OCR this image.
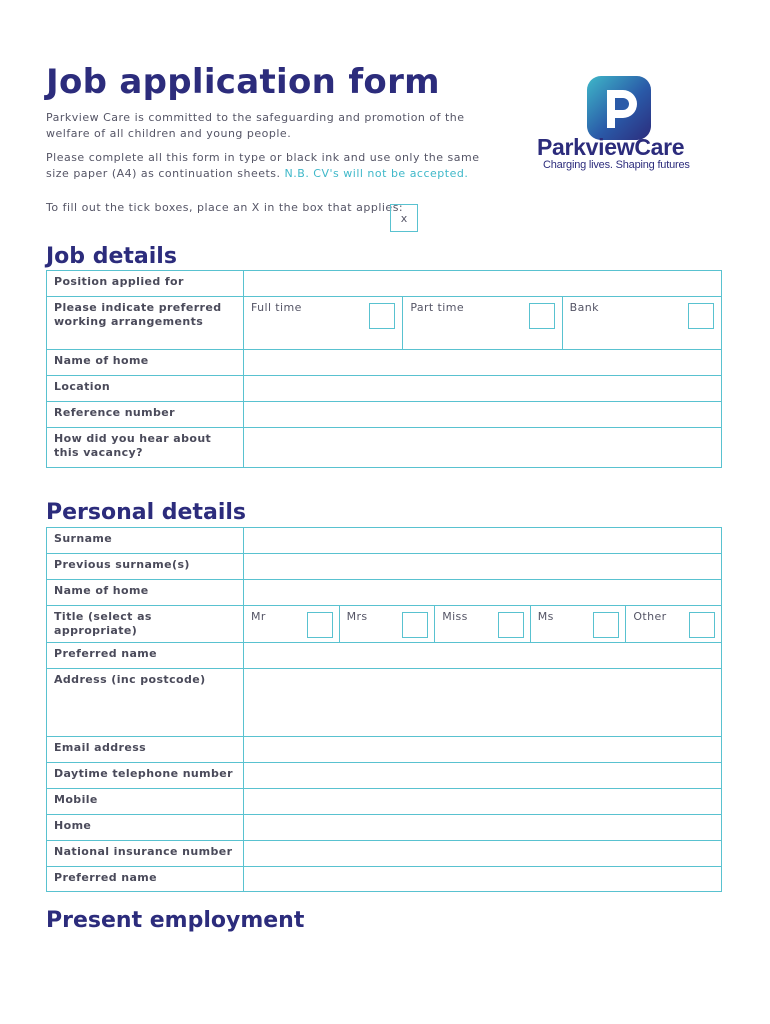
Job application form

Parkview Care is committed to the safeguarding and promotion of the welfare of all children and young people.

Please complete all this form in type or black ink and use only the same size paper (A4) as continuation sheets. N.B. CV's will not be accepted.

To fill out the tick boxes, place an X in the box that applies:

x
ParkviewCare
Charging lives. Shaping futures
Job details
Position applied for			
Please indicate preferred working arrangements	Full time	Part time	Bank

Name of home			
Location			
Reference number			
How did you hear about this vacancy?			
Personal details
Surname					
Previous surname(s)					
Name of home					
Title (select as appropriate)	Mr	Mrs	Miss	Ms	Other

Preferred name					
Address (inc postcode)					
Email address					
Daytime telephone number					
Mobile					
Home					
National insurance number					
Preferred name					
Present employment
